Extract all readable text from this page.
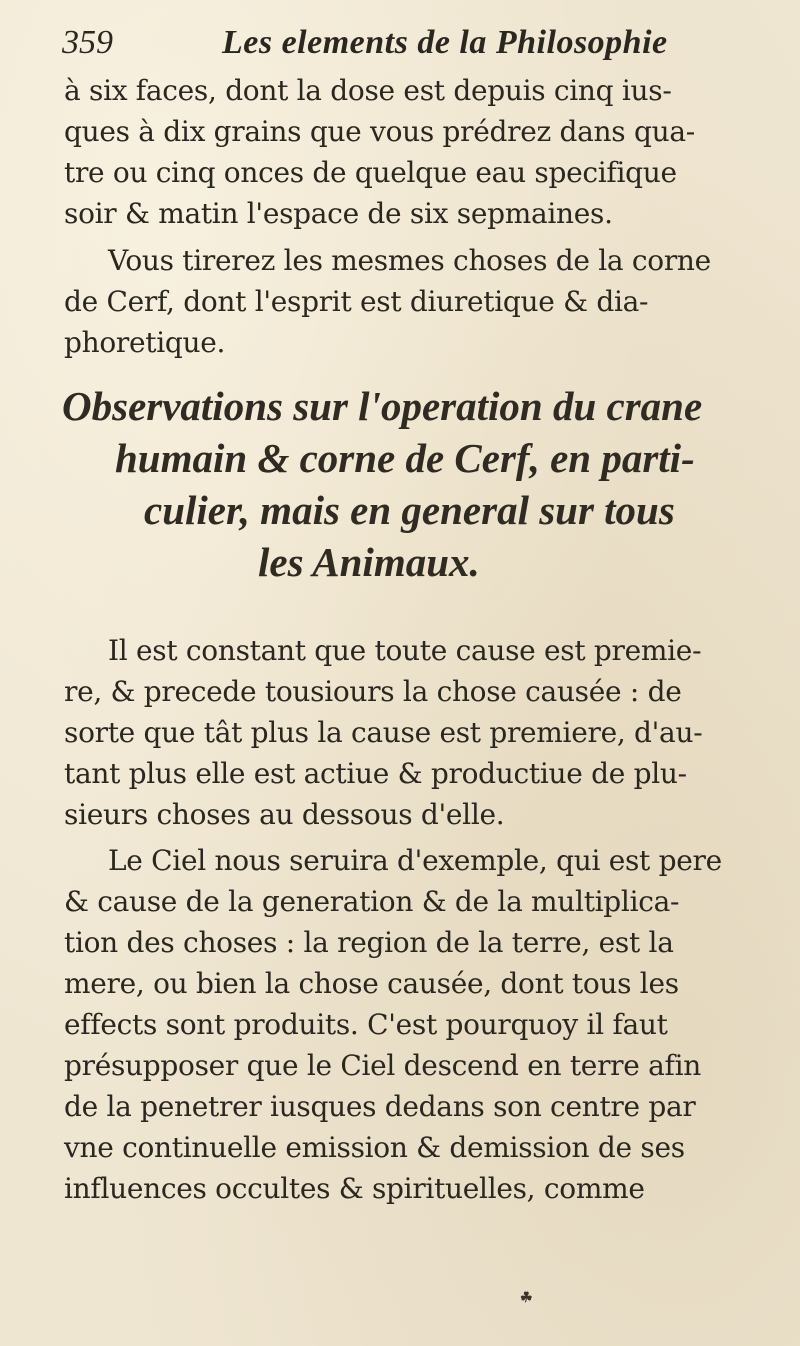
359	Les elements de la Philosophie
à six faces, dont la dose est depuis cinq ius-
ques à dix grains que vous prédrez dans qua-
tre ou cinq onces de quelque eau specifique
soir & matin l'espace de six sepmaines.
Vous tirerez les mesmes choses de la corne
de Cerf, dont l'esprit est diuretique & dia-
phoretique.
Observations sur l'operation du crane
humain & corne de Cerf, en parti-
culier, mais en general sur tous
les Animaux.
Il est constant que toute cause est premie-
re, & precede tousiours la chose causée : de
sorte que tât plus la cause est premiere, d'au-
tant plus elle est actiue & productiue de plu-
sieurs choses au dessous d'elle.
Le Ciel nous seruira d'exemple, qui est pere
& cause de la generation & de la multiplica-
tion des choses : la region de la terre, est la
mere, ou bien la chose causée, dont tous les
effects sont produits. C'est pourquoy il faut
présupposer que le Ciel descend en terre afin
de la penetrer iusques dedans son centre par
vne continuelle emission & demission de ses
influences occultes & spirituelles, comme
☘
